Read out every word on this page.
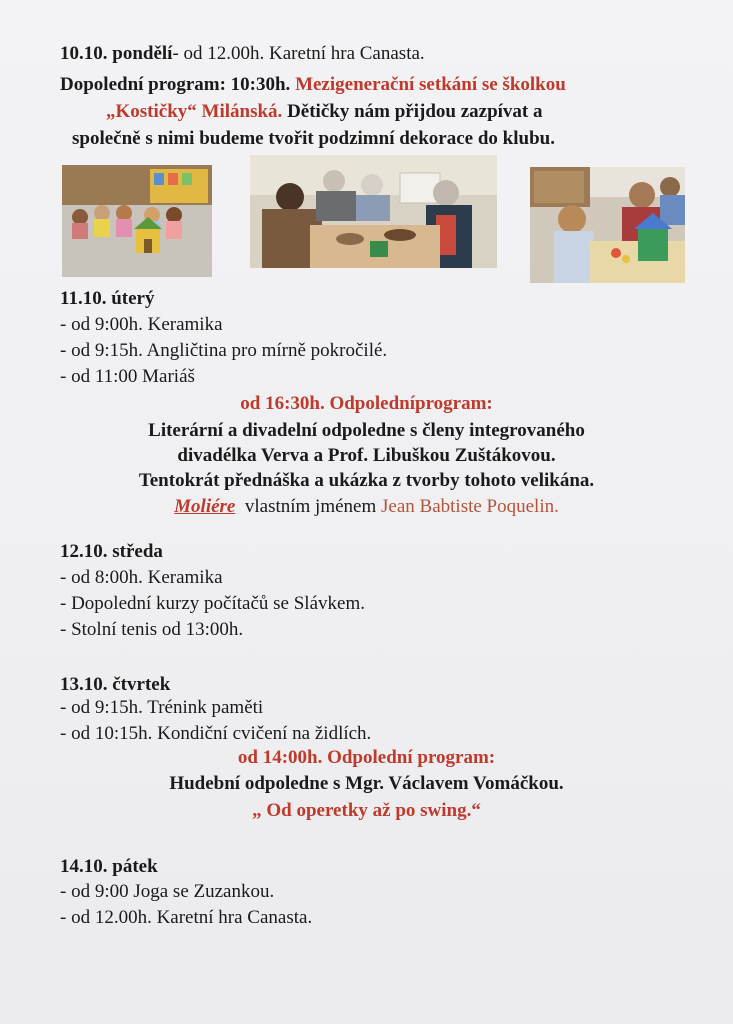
10.10. pondělí- od 12.00h. Karetní hra Canasta.
Dopolední program: 10:30h. Mezigenerační setkání se školkou
„Kostičky“ Milánská. Dětičky nám přijdou zazpívat a
společně s nimi budeme tvořit podzimní dekorace do klubu.
11.10. úterý
- od 9:00h. Keramika
- od 9:15h. Angličtina pro mírně pokročilé.
- od 11:00 Mariáš
od 16:30h. Odpoledníprogram:
Literární a divadelní odpoledne s členy integrovaného
divadélka Verva a Prof. Libuškou Zuštákovou.
Tentokrát přednáška a ukázka z tvorby tohoto velikána.
Moliére vlastním jménem Jean Babtiste Poquelin.
12.10. středa
- od 8:00h. Keramika
- Dopolední kurzy počítačů se Slávkem.
- Stolní tenis od 13:00h.
13.10. čtvrtek
- od 9:15h. Trénink paměti
- od 10:15h. Kondiční cvičení na židlích.
od 14:00h. Odpolední program:
Hudební odpoledne s Mgr. Václavem Vomáčkou.
„ Od operetky až po swing.“
14.10. pátek
- od 9:00 Joga se Zuzankou.
- od 12.00h. Karetní hra Canasta.
